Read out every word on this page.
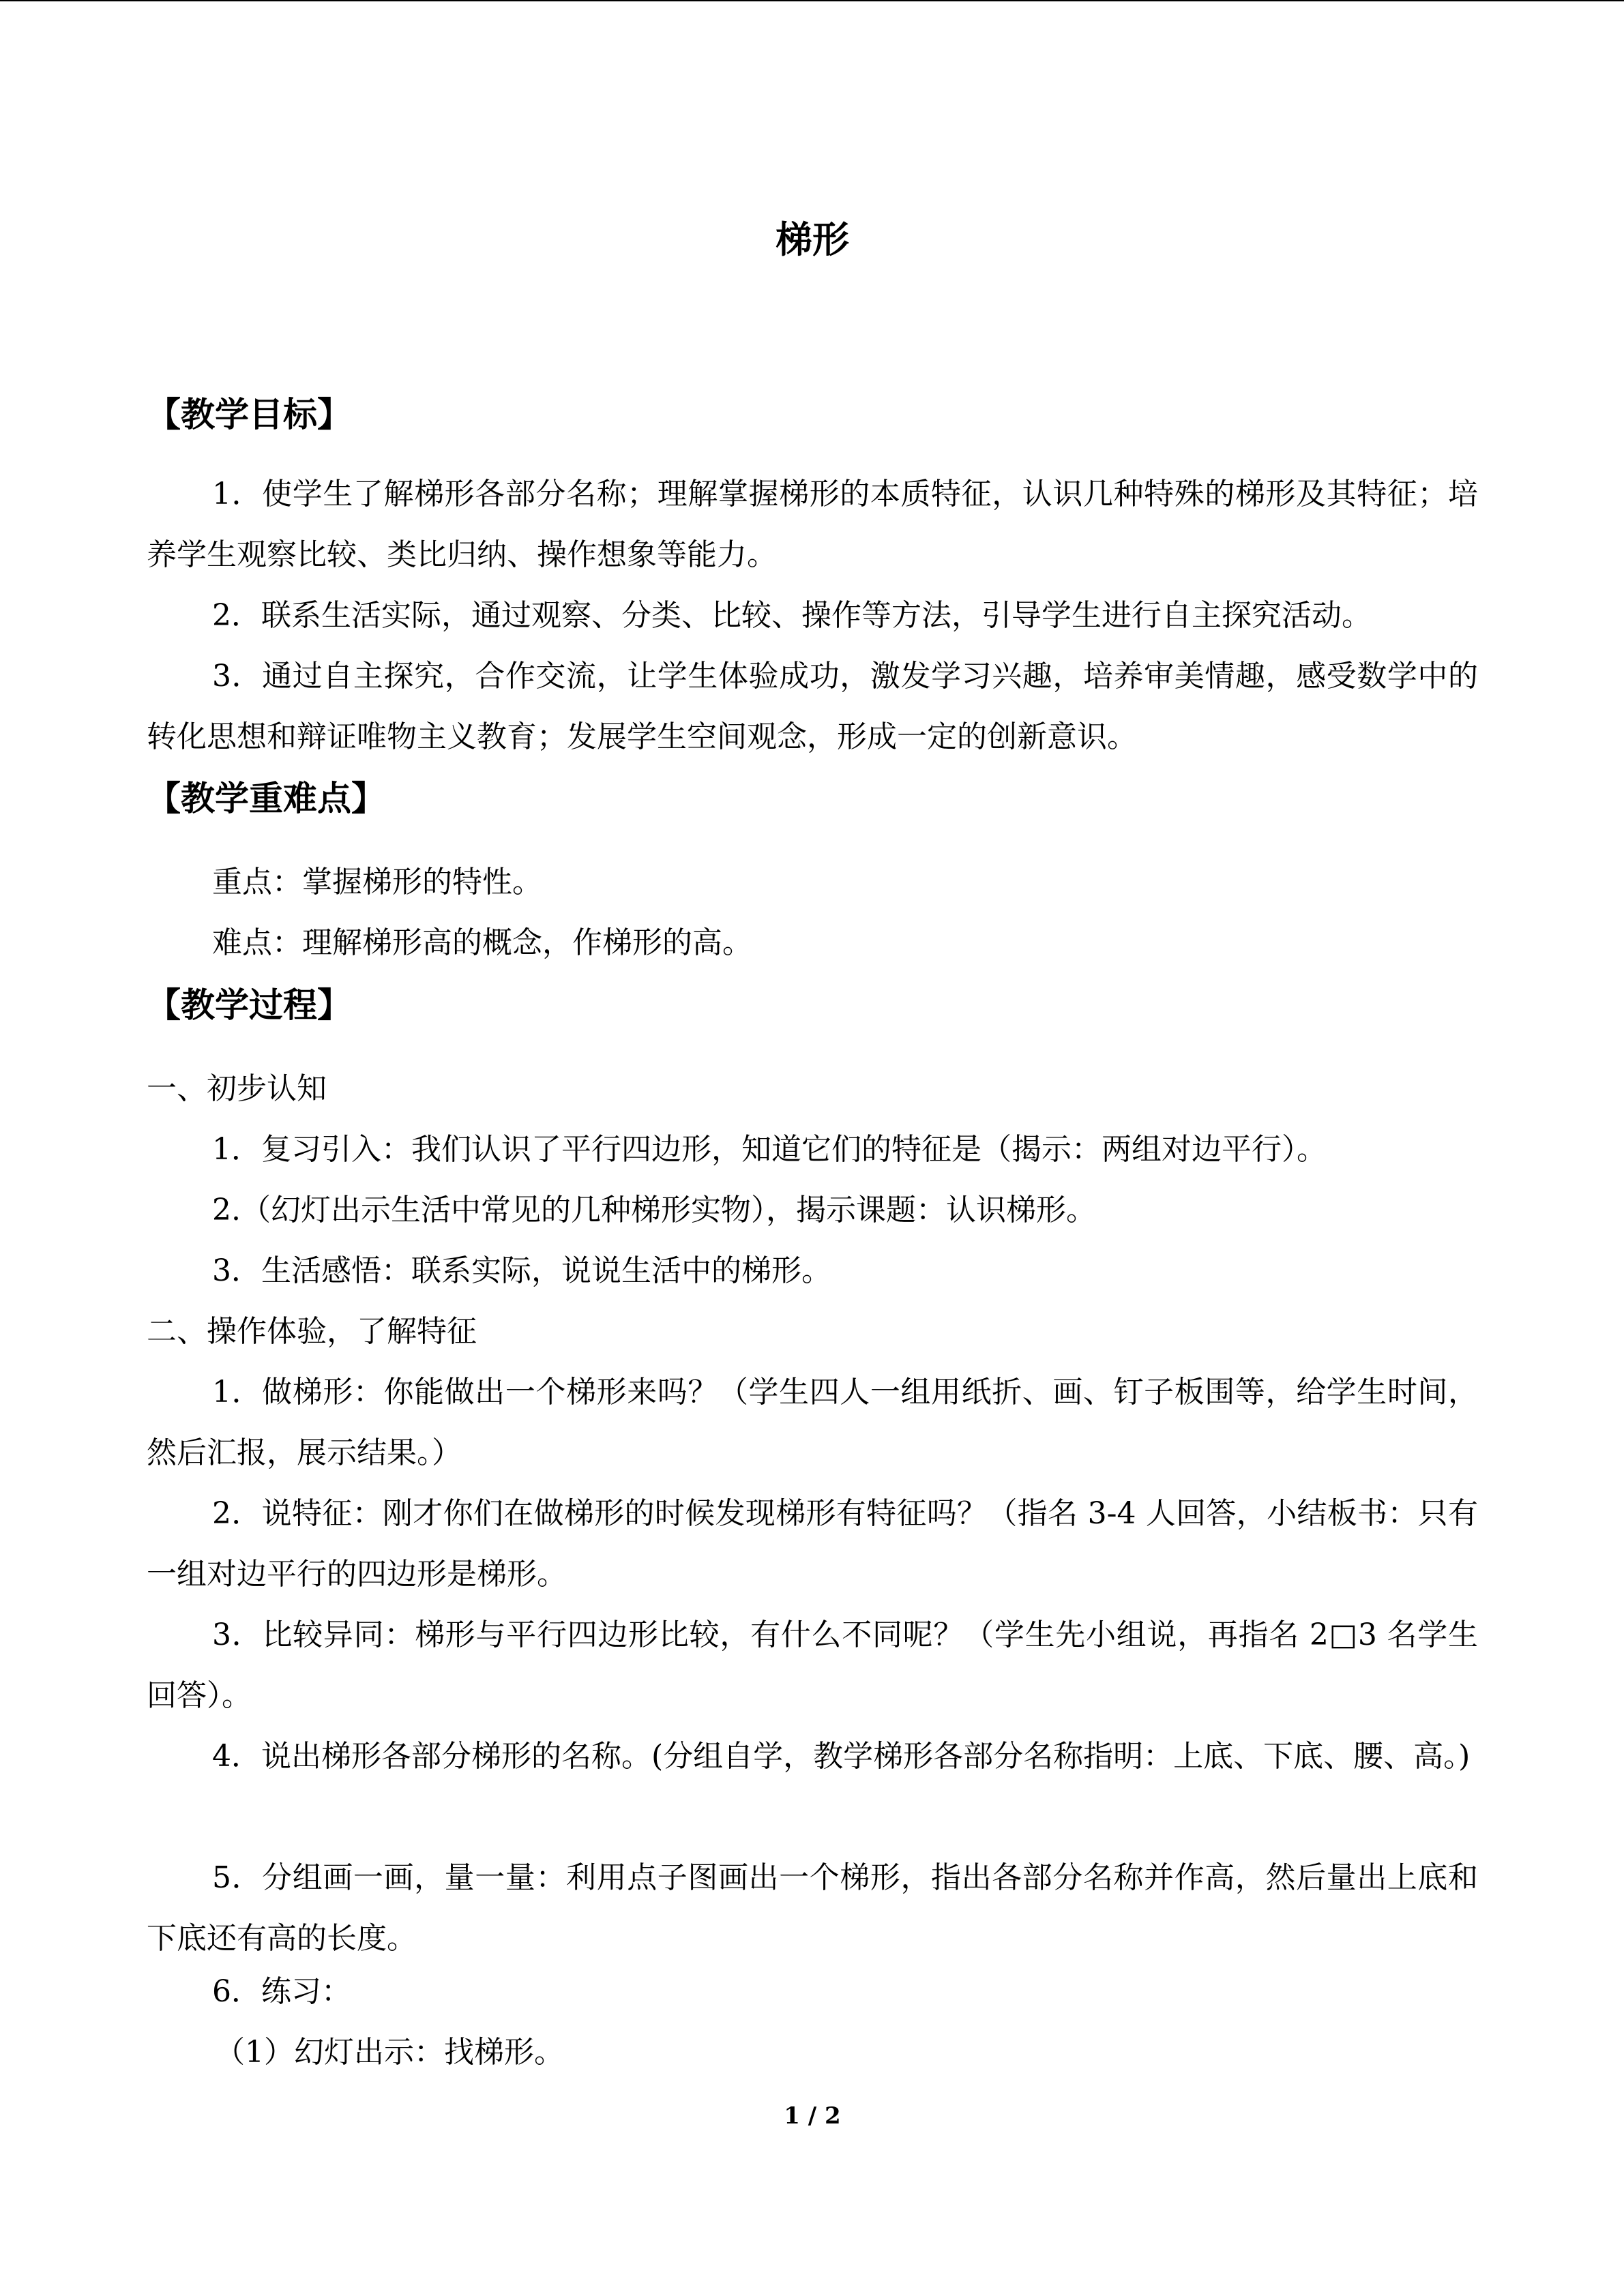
梯形
【教学目标】

1．使学生了解梯形各部分名称；理解掌握梯形的本质特征，认识几种特殊的梯形及其特征；培养学生观察比较、类比归纳、操作想象等能力。

2．联系生活实际，通过观察、分类、比较、操作等方法，引导学生进行自主探究活动。

3．通过自主探究，合作交流，让学生体验成功，激发学习兴趣，培养审美情趣，感受数学中的转化思想和辩证唯物主义教育；发展学生空间观念，形成一定的创新意识。

【教学重难点】

重点：掌握梯形的特性。

难点：理解梯形高的概念，作梯形的高。

【教学过程】

一、初步认知

1．复习引入：我们认识了平行四边形，知道它们的特征是（揭示：两组对边平行）。

2.（幻灯出示生活中常见的几种梯形实物），揭示课题：认识梯形。

3．生活感悟：联系实际，说说生活中的梯形。

二、操作体验，了解特征

1．做梯形：你能做出一个梯形来吗？（学生四人一组用纸折、画、钉子板围等，给学生时间，然后汇报，展示结果。）

2．说特征：刚才你们在做梯形的时候发现梯形有特征吗？（指名 3-4 人回答，小结板书：只有一组对边平行的四边形是梯形。

3．比较异同：梯形与平行四边形比较，有什么不同呢？（学生先小组说，再指名 2□3 名学生回答）。

4．说出梯形各部分梯形的名称。(分组自学，教学梯形各部分名称指明：上底、下底、腰、高。)

5．分组画一画，量一量：利用点子图画出一个梯形，指出各部分名称并作高，然后量出上底和下底还有高的长度。

6．练习：

（1）幻灯出示：找梯形。

1 / 2
